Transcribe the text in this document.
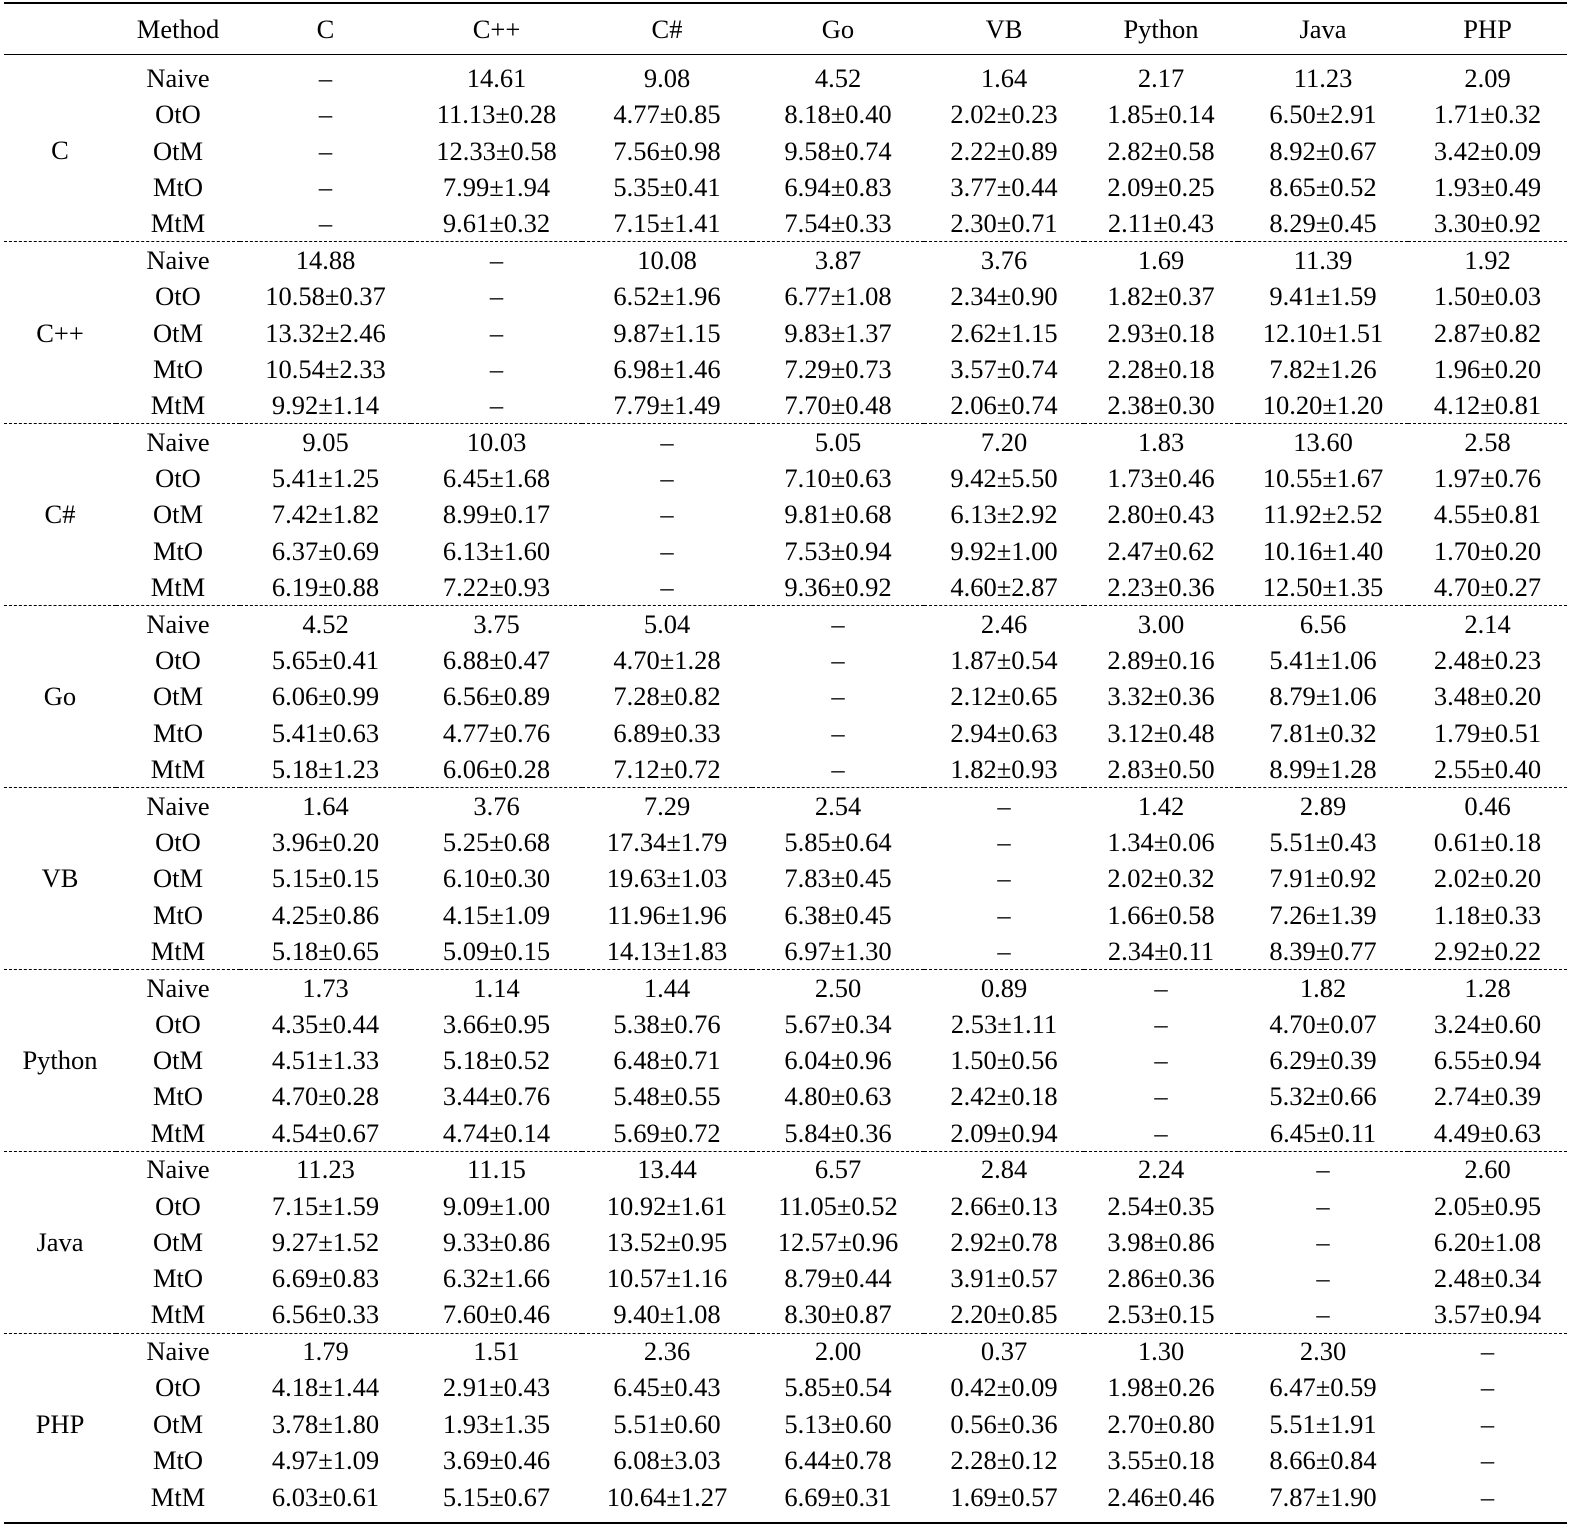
	Method	C	C++	C#	Go	VB	Python	Java	PHP

C	Naive	–	14.61	9.08	4.52	1.64	2.17	11.23	2.09
	OtO	–	11.13±0.28	4.77±0.85	8.18±0.40	2.02±0.23	1.85±0.14	6.50±2.91	1.71±0.32
	OtM	–	12.33±0.58	7.56±0.98	9.58±0.74	2.22±0.89	2.82±0.58	8.92±0.67	3.42±0.09
	MtO	–	7.99±1.94	5.35±0.41	6.94±0.83	3.77±0.44	2.09±0.25	8.65±0.52	1.93±0.49
	MtM	–	9.61±0.32	7.15±1.41	7.54±0.33	2.30±0.71	2.11±0.43	8.29±0.45	3.30±0.92
C++	Naive	14.88	–	10.08	3.87	3.76	1.69	11.39	1.92
	OtO	10.58±0.37	–	6.52±1.96	6.77±1.08	2.34±0.90	1.82±0.37	9.41±1.59	1.50±0.03
	OtM	13.32±2.46	–	9.87±1.15	9.83±1.37	2.62±1.15	2.93±0.18	12.10±1.51	2.87±0.82
	MtO	10.54±2.33	–	6.98±1.46	7.29±0.73	3.57±0.74	2.28±0.18	7.82±1.26	1.96±0.20
	MtM	9.92±1.14	–	7.79±1.49	7.70±0.48	2.06±0.74	2.38±0.30	10.20±1.20	4.12±0.81
C#	Naive	9.05	10.03	–	5.05	7.20	1.83	13.60	2.58
	OtO	5.41±1.25	6.45±1.68	–	7.10±0.63	9.42±5.50	1.73±0.46	10.55±1.67	1.97±0.76
	OtM	7.42±1.82	8.99±0.17	–	9.81±0.68	6.13±2.92	2.80±0.43	11.92±2.52	4.55±0.81
	MtO	6.37±0.69	6.13±1.60	–	7.53±0.94	9.92±1.00	2.47±0.62	10.16±1.40	1.70±0.20
	MtM	6.19±0.88	7.22±0.93	–	9.36±0.92	4.60±2.87	2.23±0.36	12.50±1.35	4.70±0.27
Go	Naive	4.52	3.75	5.04	–	2.46	3.00	6.56	2.14
	OtO	5.65±0.41	6.88±0.47	4.70±1.28	–	1.87±0.54	2.89±0.16	5.41±1.06	2.48±0.23
	OtM	6.06±0.99	6.56±0.89	7.28±0.82	–	2.12±0.65	3.32±0.36	8.79±1.06	3.48±0.20
	MtO	5.41±0.63	4.77±0.76	6.89±0.33	–	2.94±0.63	3.12±0.48	7.81±0.32	1.79±0.51
	MtM	5.18±1.23	6.06±0.28	7.12±0.72	–	1.82±0.93	2.83±0.50	8.99±1.28	2.55±0.40
VB	Naive	1.64	3.76	7.29	2.54	–	1.42	2.89	0.46
	OtO	3.96±0.20	5.25±0.68	17.34±1.79	5.85±0.64	–	1.34±0.06	5.51±0.43	0.61±0.18
	OtM	5.15±0.15	6.10±0.30	19.63±1.03	7.83±0.45	–	2.02±0.32	7.91±0.92	2.02±0.20
	MtO	4.25±0.86	4.15±1.09	11.96±1.96	6.38±0.45	–	1.66±0.58	7.26±1.39	1.18±0.33
	MtM	5.18±0.65	5.09±0.15	14.13±1.83	6.97±1.30	–	2.34±0.11	8.39±0.77	2.92±0.22
Python	Naive	1.73	1.14	1.44	2.50	0.89	–	1.82	1.28
	OtO	4.35±0.44	3.66±0.95	5.38±0.76	5.67±0.34	2.53±1.11	–	4.70±0.07	3.24±0.60
	OtM	4.51±1.33	5.18±0.52	6.48±0.71	6.04±0.96	1.50±0.56	–	6.29±0.39	6.55±0.94
	MtO	4.70±0.28	3.44±0.76	5.48±0.55	4.80±0.63	2.42±0.18	–	5.32±0.66	2.74±0.39
	MtM	4.54±0.67	4.74±0.14	5.69±0.72	5.84±0.36	2.09±0.94	–	6.45±0.11	4.49±0.63
Java	Naive	11.23	11.15	13.44	6.57	2.84	2.24	–	2.60
	OtO	7.15±1.59	9.09±1.00	10.92±1.61	11.05±0.52	2.66±0.13	2.54±0.35	–	2.05±0.95
	OtM	9.27±1.52	9.33±0.86	13.52±0.95	12.57±0.96	2.92±0.78	3.98±0.86	–	6.20±1.08
	MtO	6.69±0.83	6.32±1.66	10.57±1.16	8.79±0.44	3.91±0.57	2.86±0.36	–	2.48±0.34
	MtM	6.56±0.33	7.60±0.46	9.40±1.08	8.30±0.87	2.20±0.85	2.53±0.15	–	3.57±0.94
PHP	Naive	1.79	1.51	2.36	2.00	0.37	1.30	2.30	–
	OtO	4.18±1.44	2.91±0.43	6.45±0.43	5.85±0.54	0.42±0.09	1.98±0.26	6.47±0.59	–
	OtM	3.78±1.80	1.93±1.35	5.51±0.60	5.13±0.60	0.56±0.36	2.70±0.80	5.51±1.91	–
	MtO	4.97±1.09	3.69±0.46	6.08±3.03	6.44±0.78	2.28±0.12	3.55±0.18	8.66±0.84	–
	MtM	6.03±0.61	5.15±0.67	10.64±1.27	6.69±0.31	1.69±0.57	2.46±0.46	7.87±1.90	–
